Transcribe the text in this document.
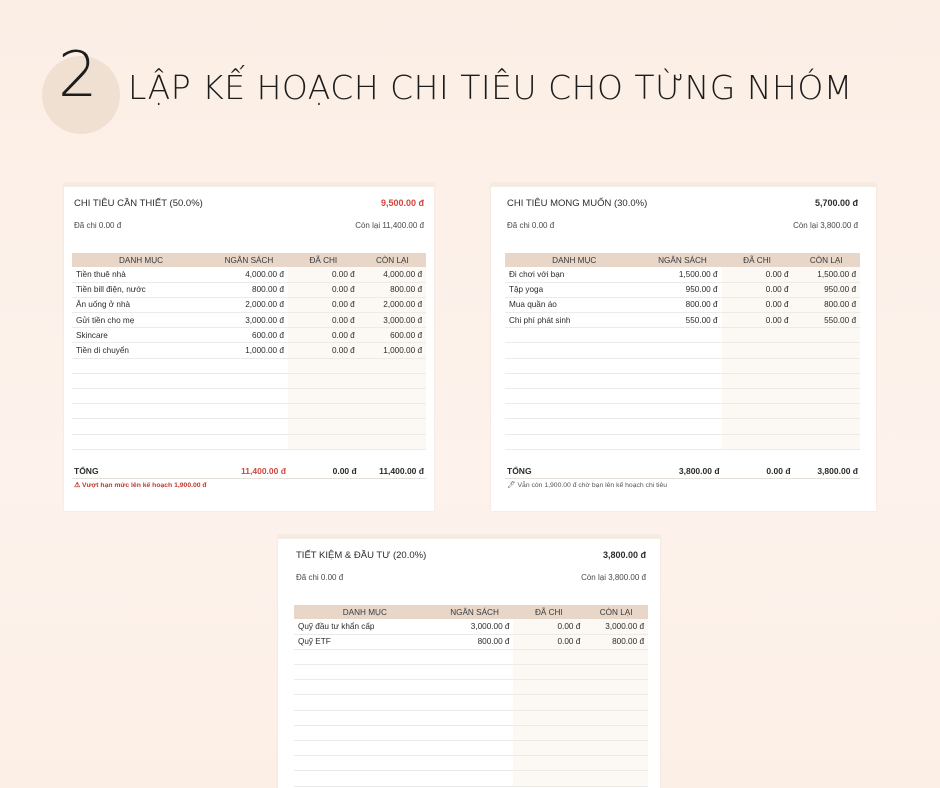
2 LẬP KẾ HOẠCH CHI TIÊU CHO TỪNG NHÓM
CHI TIÊU CẦN THIẾT (50.0%)	9,500.00 đ
Đã chi 0.00 đ	Còn lại 11,400.00 đ
DANH MỤC	NGÂN SÁCH	ĐÃ CHI	CÒN LẠI
Tiền thuê nhà	4,000.00 đ	0.00 đ	4,000.00 đ
Tiền bill điện, nước	800.00 đ	0.00 đ	800.00 đ
Ăn uống ở nhà	2,000.00 đ	0.00 đ	2,000.00 đ
Gửi tiền cho mẹ	3,000.00 đ	0.00 đ	3,000.00 đ
Skincare	600.00 đ	0.00 đ	600.00 đ
Tiền di chuyển	1,000.00 đ	0.00 đ	1,000.00 đ

TỔNG	11,400.00 đ	0.00 đ	11,400.00 đ
⚠ Vượt hạn mức lên kế hoạch 1,900.00 đ
CHI TIÊU MONG MUỐN (30.0%)	5,700.00 đ
Đã chi 0.00 đ	Còn lại 3,800.00 đ
DANH MỤC	NGÂN SÁCH	ĐÃ CHI	CÒN LẠI
Đi chơi với bạn	1,500.00 đ	0.00 đ	1,500.00 đ
Tập yoga	950.00 đ	0.00 đ	950.00 đ
Mua quần áo	800.00 đ	0.00 đ	800.00 đ
Chi phí phát sinh	550.00 đ	0.00 đ	550.00 đ

TỔNG	3,800.00 đ	0.00 đ	3,800.00 đ
🖊 Vẫn còn 1,900.00 đ chờ bạn lên kế hoạch chi tiêu
TIẾT KIỆM & ĐẦU TƯ (20.0%)	3,800.00 đ
Đã chi 0.00 đ	Còn lại 3,800.00 đ
DANH MỤC	NGÂN SÁCH	ĐÃ CHI	CÒN LẠI
Quỹ đầu tư khẩn cấp	3,000.00 đ	0.00 đ	3,000.00 đ
Quỹ ETF	800.00 đ	0.00 đ	800.00 đ
